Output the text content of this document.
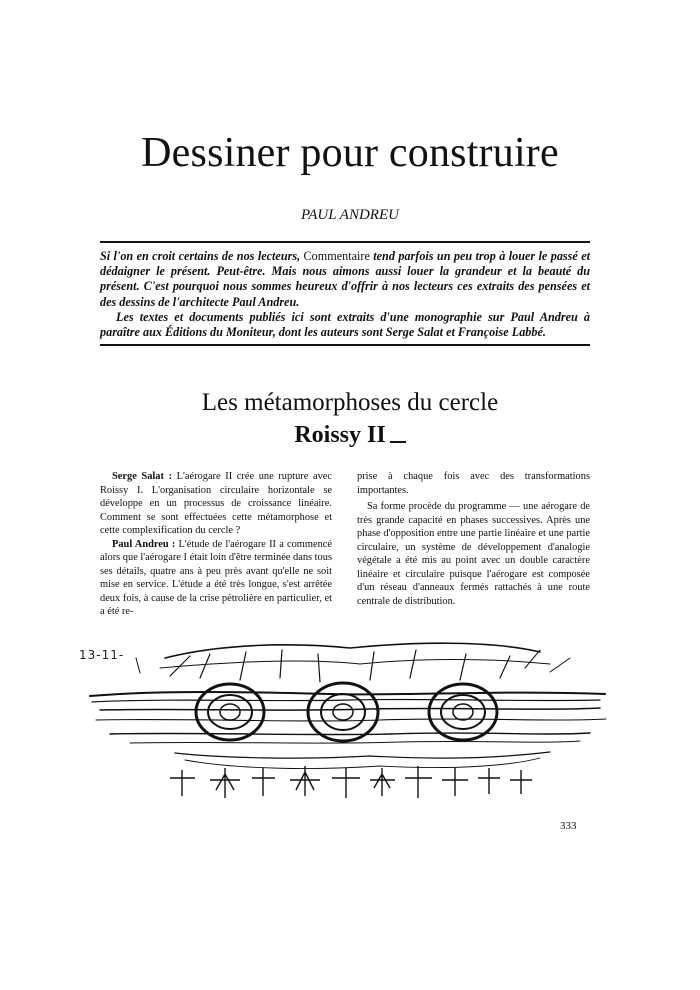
Dessiner pour construire
PAUL ANDREU

Si l'on en croit certains de nos lecteurs, Commentaire tend parfois un peu trop à louer le passé et dédaigner le présent. Peut-être. Mais nous aimons aussi louer la grandeur et la beauté du présent. C'est pourquoi nous sommes heureux d'offrir à nos lecteurs ces extraits des pensées et des dessins de l'architecte Paul Andreu.

Les textes et documents publiés ici sont extraits d'une monographie sur Paul Andreu à paraître aux Éditions du Moniteur, dont les auteurs sont Serge Salat et Françoise Labbé.

Les métamorphoses du cercle
Roissy II

Serge Salat : L'aérogare II crée une rupture avec Roissy I. L'organisation circulaire horizontale se développe en un processus de croissance linéaire. Comment se sont effectuées cette métamorphose et cette complexification du cercle ?

Paul Andreu : L'étude de l'aérogare II a commencé alors que l'aérogare I était loin d'être terminée dans tous ses détails, quatre ans à peu près avant qu'elle ne soit mise en service. L'étude a été très longue, s'est arrêtée deux fois, à cause de la crise pétrolière en particulier, et a été re-

prise à chaque fois avec des transformations importantes.

Sa forme procède du programme — une aérogare de très grande capacité en phases successives. Après une phase d'opposition entre une partie linéaire et une partie circulaire, un système de développement d'analogie végétale a été mis au point avec un double caractère linéaire et circulaire puisque l'aérogare est composée d'un réseau d'anneaux fermés rattachés à une route centrale de distribution.

13-11-
333
